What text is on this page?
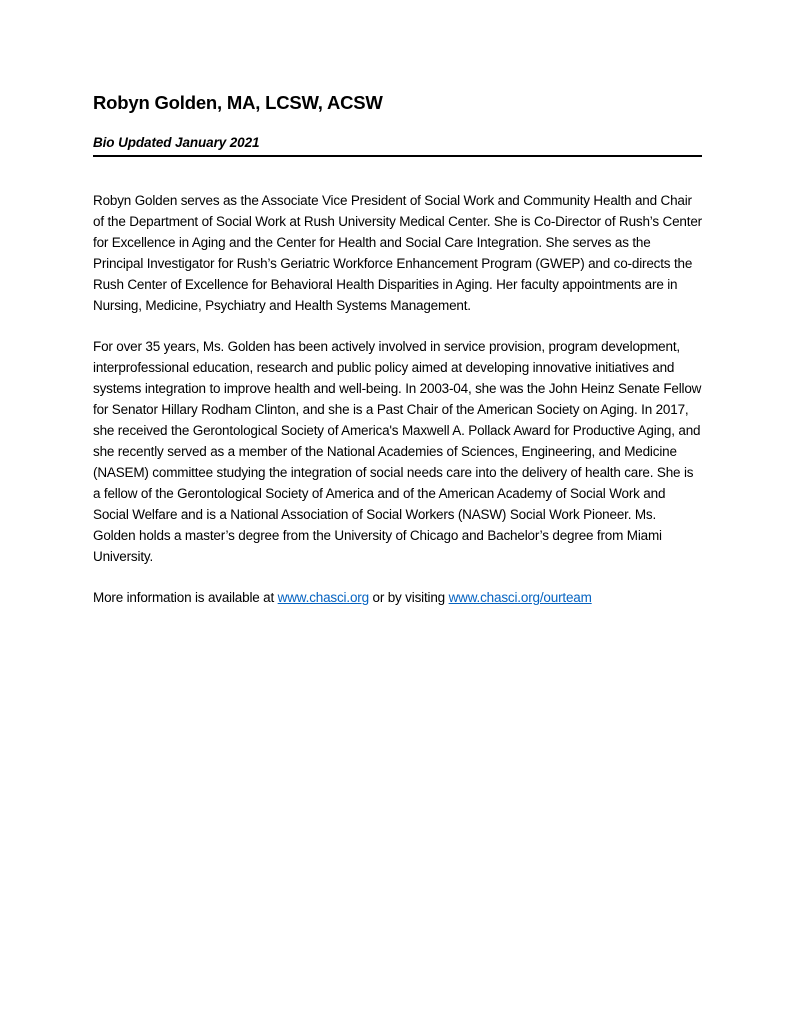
Robyn Golden, MA, LCSW, ACSW
Bio Updated January 2021

Robyn Golden serves as the Associate Vice President of Social Work and Community Health and Chair of the Department of Social Work at Rush University Medical Center. She is Co-Director of Rush’s Center for Excellence in Aging and the Center for Health and Social Care Integration. She serves as the Principal Investigator for Rush’s Geriatric Workforce Enhancement Program (GWEP) and co-directs the Rush Center of Excellence for Behavioral Health Disparities in Aging. Her faculty appointments are in Nursing, Medicine, Psychiatry and Health Systems Management.

For over 35 years, Ms. Golden has been actively involved in service provision, program development, interprofessional education, research and public policy aimed at developing innovative initiatives and systems integration to improve health and well-being. In 2003-04, she was the John Heinz Senate Fellow for Senator Hillary Rodham Clinton, and she is a Past Chair of the American Society on Aging. In 2017, she received the Gerontological Society of America's Maxwell A. Pollack Award for Productive Aging, and she recently served as a member of the National Academies of Sciences, Engineering, and Medicine (NASEM) committee studying the integration of social needs care into the delivery of health care. She is a fellow of the Gerontological Society of America and of the American Academy of Social Work and Social Welfare and is a National Association of Social Workers (NASW) Social Work Pioneer. Ms. Golden holds a master’s degree from the University of Chicago and Bachelor’s degree from Miami University.

More information is available at www.chasci.org or by visiting www.chasci.org/ourteam
